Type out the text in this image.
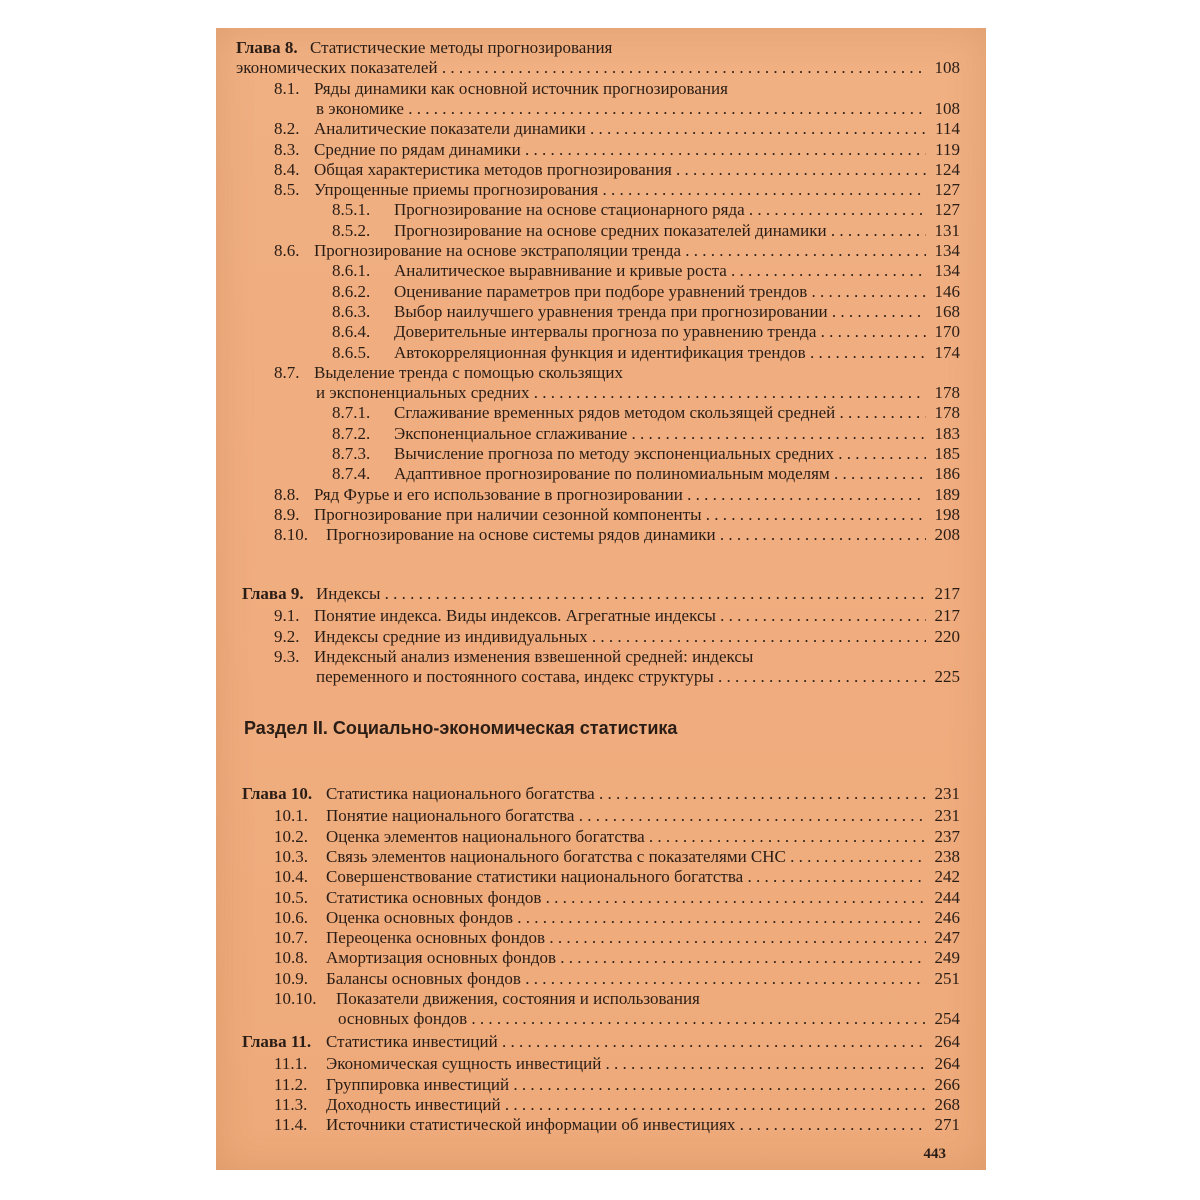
Глава 8. Статистические методы прогнозирования
экономических показателей . . .	108
8.1. Ряды динамики как основной источник прогнозирования
в экономике . . .	108
8.2. Аналитические показатели динамики . . .	114
8.3. Средние по рядам динамики . . .	119
8.4. Общая характеристика методов прогнозирования . . .	124
8.5. Упрощенные приемы прогнозирования . . .	127
8.5.1.	Прогнозирование на основе стационарного ряда . . .	127
8.5.2.	Прогнозирование на основе средних показателей динамики . . .	131
8.6. Прогнозирование на основе экстраполяции тренда . . .	134
8.6.1.	Аналитическое выравнивание и кривые роста . . .	134
8.6.2.	Оценивание параметров при подборе уравнений трендов . . .	146
8.6.3.	Выбор наилучшего уравнения тренда при прогнозировании . . .	168
8.6.4.	Доверительные интервалы прогноза по уравнению тренда . . .	170
8.6.5.	Автокорреляционная функция и идентификация трендов . . .	174
8.7. Выделение тренда с помощью скользящих
и экспоненциальных средних . . .	178
8.7.1.	Сглаживание временных рядов методом скользящей средней . . .	178
8.7.2.	Экспоненциальное сглаживание . . .	183
8.7.3.	Вычисление прогноза по методу экспоненциальных средних . . .	185
8.7.4.	Адаптивное прогнозирование по полиномиальным моделям . . .	186
8.8. Ряд Фурье и его использование в прогнозировании . . .	189
8.9. Прогнозирование при наличии сезонной компоненты . . .	198
8.10.	Прогнозирование на основе системы рядов динамики . . .	208
Глава 9. Индексы . . .	217
9.1. Понятие индекса. Виды индексов. Агрегатные индексы . . .	217
9.2. Индексы средние из индивидуальных . . .	220
9.3. Индексный анализ изменения взвешенной средней: индексы
переменного и постоянного состава, индекс структуры . . .	225
Глава 10. Статистика национального богатства . . .	231
10.1.	Понятие национального богатства . . .	231
10.2.	Оценка элементов национального богатства . . .	237
10.3.	Связь элементов национального богатства с показателями СНС . . .	238
10.4.	Совершенствование статистики национального богатства . . .	242
10.5.	Статистика основных фондов . . .	244
10.6.	Оценка основных фондов . . .	246
10.7.	Переоценка основных фондов . . .	247
10.8.	Амортизация основных фондов . . .	249
10.9.	Балансы основных фондов . . .	251
10.10.	Показатели движения, состояния и использования
основных фондов . . .	254
Глава 11. Статистика инвестиций . . .	264
11.1.	Экономическая сущность инвестиций . . .	264
11.2.	Группировка инвестиций . . .	266
11.3.	Доходность инвестиций . . .	268
11.4.	Источники статистической информации об инвестициях . . .	271
Раздел II. Социально-экономическая статистика
443
